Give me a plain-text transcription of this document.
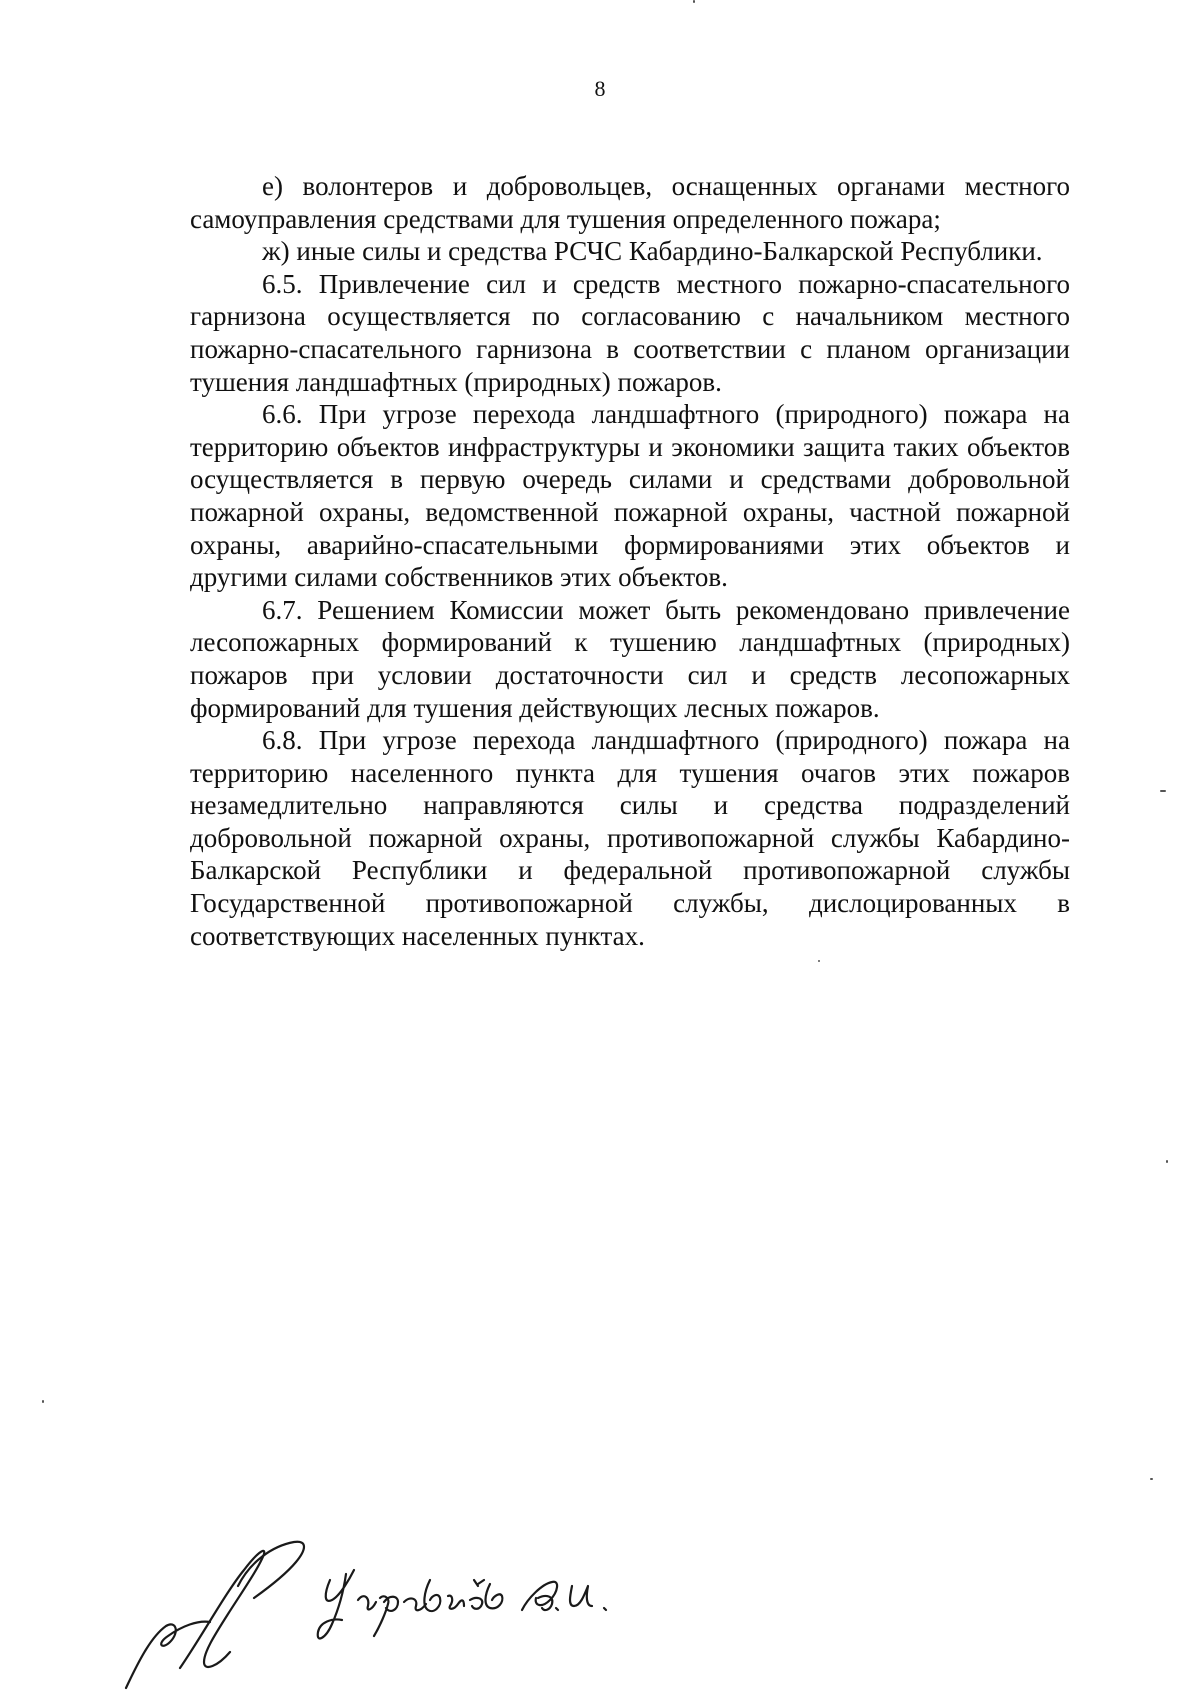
8

е) волонтеров и добровольцев, оснащенных органами местного самоуправления средствами для тушения определенного пожара;

ж) иные силы и средства РСЧС Кабардино-Балкарской Республики.

6.5. Привлечение сил и средств местного пожарно-спасательного гарнизона осуществляется по согласованию с начальником местного пожарно-спасательного гарнизона в соответствии с планом организации тушения ландшафтных (природных) пожаров.

6.6. При угрозе перехода ландшафтного (природного) пожара на территорию объектов инфраструктуры и экономики защита таких объектов осуществляется в первую очередь силами и средствами добровольной пожарной охраны, ведомственной пожарной охраны, частной пожарной охраны, аварийно-спасательными формированиями этих объектов и другими силами собственников этих объектов.

6.7. Решением Комиссии может быть рекомендовано привлечение лесопожарных формирований к тушению ландшафтных (природных) пожаров при условии достаточности сил и средств лесопожарных формирований для тушения действующих лесных пожаров.

6.8. При угрозе перехода ландшафтного (природного) пожара на территорию населенного пункта для тушения очагов этих пожаров незамедлительно направляются силы и средства подразделений добровольной пожарной охраны, противопожарной службы Кабардино-Балкарской Республики и федеральной противопожарной службы Государственной противопожарной службы, дислоцированных в соответствующих населенных пунктах.
